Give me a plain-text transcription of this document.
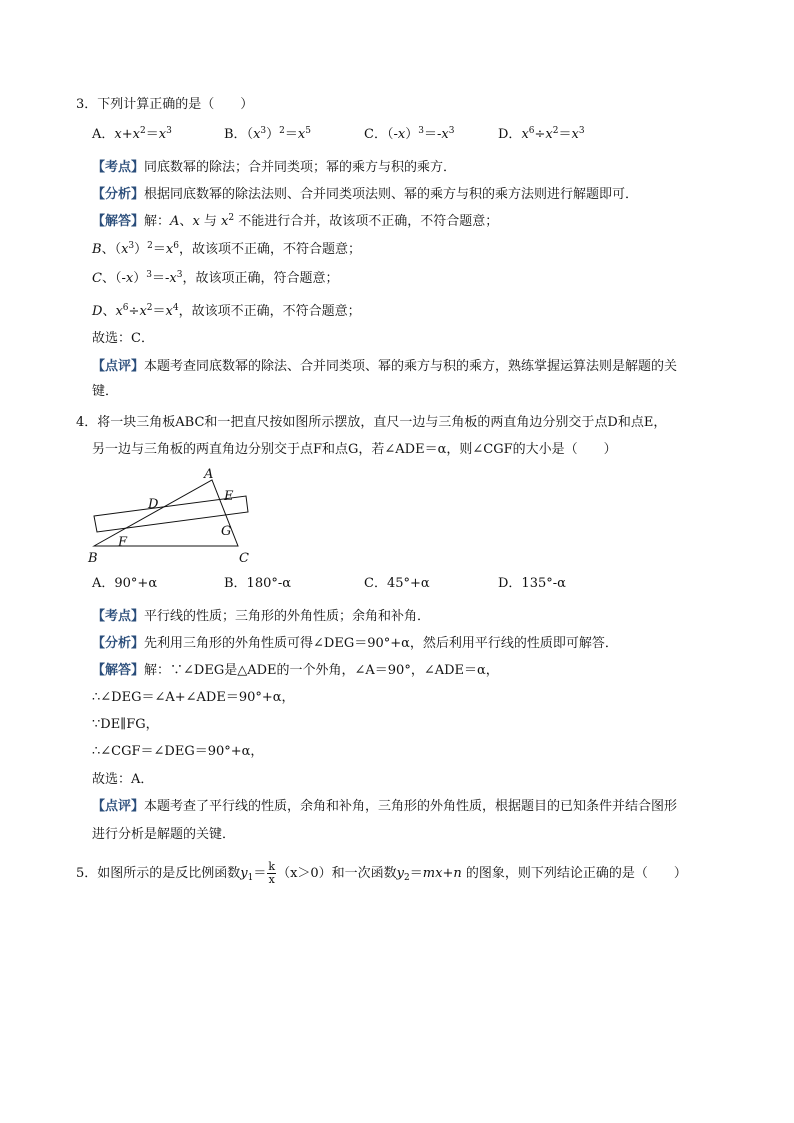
3．下列计算正确的是（　　）
A．$x+x^2=x^3$	B．$(x^3)^2=x^5$	C．$(-x)^3=-x^3$	D．$x^6\div x^2=x^3$
【考点】同底数幂的除法；合并同类项；幂的乘方与积的乘方．
【分析】根据同底数幂的除法法则、合并同类项法则、幂的乘方与积的乘方法则进行解题即可．
【解答】解：A、x 与 $x^2$ 不能进行合并，故该项不正确，不符合题意；
B、$(x^3)^2=x^6$，故该项不正确，不符合题意；
C、$(-x)^3=-x^3$，故该项正确，符合题意；
D、$x^6\div x^2=x^4$，故该项不正确，不符合题意；
故选：C．
【点评】本题考查同底数幂的除法、合并同类项、幂的乘方与积的乘方，熟练掌握运算法则是解题的关
键．
4．将一块三角板ABC和一把直尺按如图所示摆放，直尺一边与三角板的两直角边分别交于点D和点E，
另一边与三角板的两直角边分别交于点F和点G，若∠ADE＝α，则∠CGF的大小是（　　）
A
B	C
D
E
F
G
A．90°+α	B．180°-α	C．45°+α	D．135°-α
【考点】平行线的性质；三角形的外角性质；余角和补角．
【分析】先利用三角形的外角性质可得∠DEG＝90°+α，然后利用平行线的性质即可解答．
【解答】解：∵∠DEG是△ADE的一个外角，∠A＝90°，∠ADE＝α，
∴∠DEG＝∠A+∠ADE＝90°+α，
∵DE∥FG，
∴∠CGF＝∠DEG＝90°+α，
故选：A．
【点评】本题考查了平行线的性质，余角和补角，三角形的外角性质，根据题目的已知条件并结合图形
进行分析是解题的关键．
5．如图所示的是反比例函数$y_1= \frac{k}{x} (x>0)$和一次函数$y_2=mx+n$ 的图象，则下列结论正确的是（　　）
